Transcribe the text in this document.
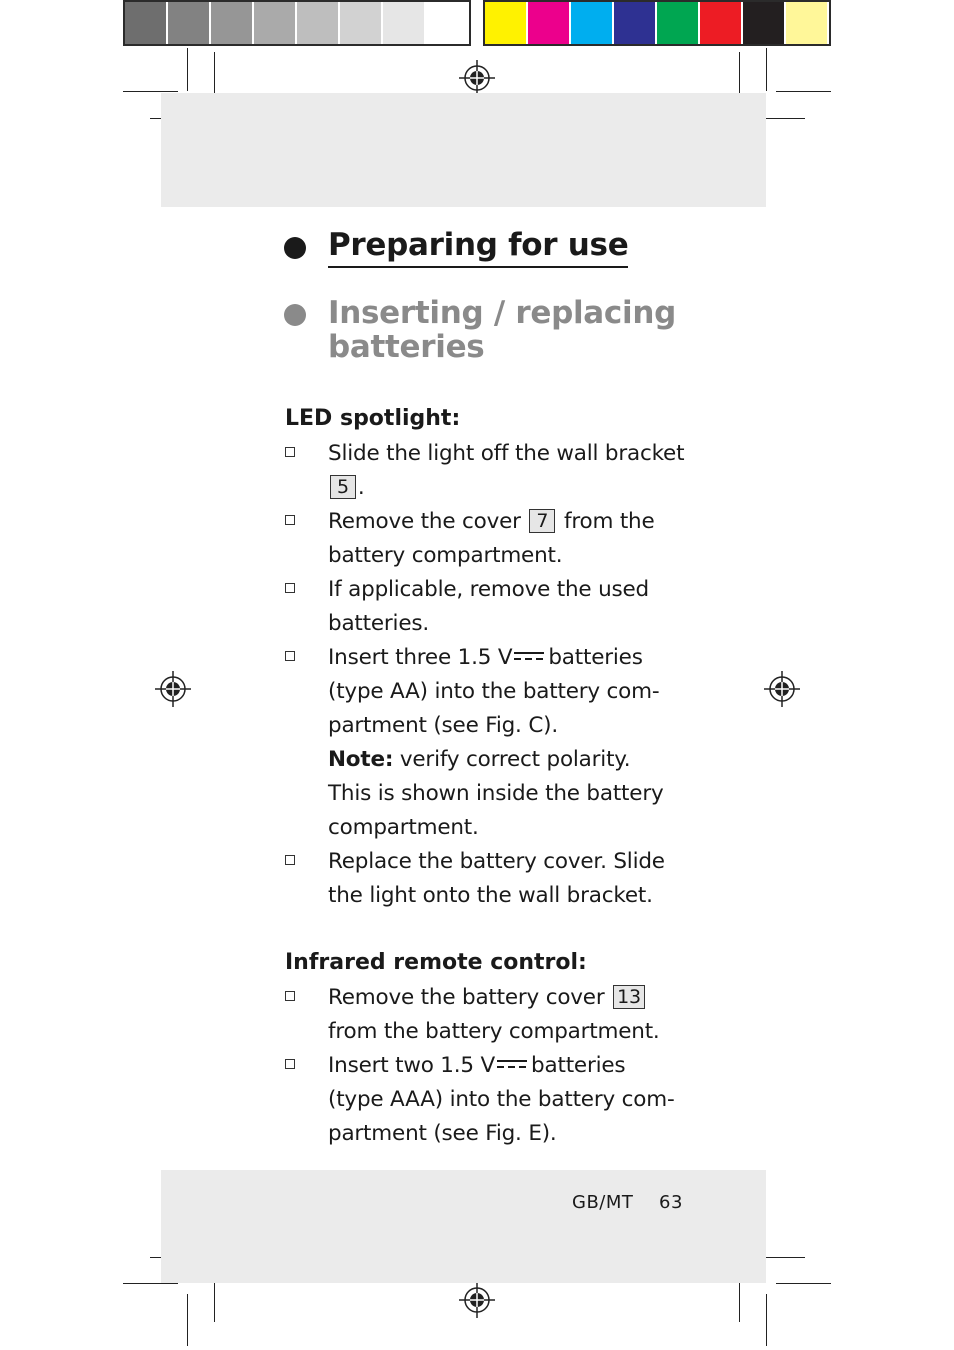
Preparing for use
Inserting / replacing
batteries
LED spotlight:
Slide the light off the wall bracket
5 .
Remove the cover 7 from the
battery compartment.
If applicable, remove the used
batteries.
Insert three 1.5 V batteries
(type AA) into the battery com-
partment (see Fig. C).
Note: verify correct polarity.
This is shown inside the battery
compartment.
Replace the battery cover. Slide
the light onto the wall bracket.
Infrared remote control:
Remove the battery cover 13
from the battery compartment.
Insert two 1.5 V batteries
(type AAA) into the battery com-
partment (see Fig. E).
GB/MT 63
